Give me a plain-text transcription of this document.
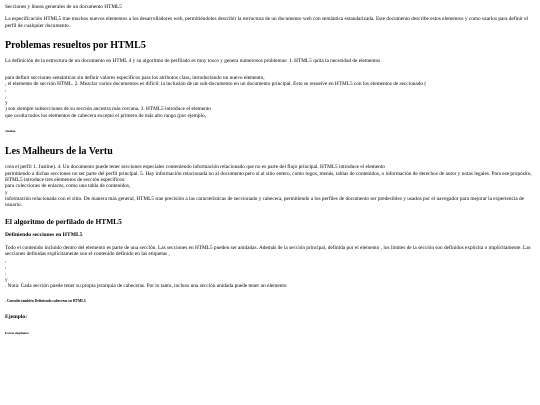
Secciones y líneas generales de un documento HTML5

La especificación HTML5 trae muchos nuevos elementos a los desarrolladores web, permitiéndoles describir la estructura de un documento web con semántica estandarizada. Este documento describe estos elementos y como usarlos para definir el perfil de cualquier documento.

Problemas resueltos por HTML5

La definición de la estructura de un documento en HTML 4 y su algoritmo de perfilado es muy tosco y genera numerosos problemas: 1. HTML5 quita la necesidad de elementos

para definir secciones semánticas sin definir valores específicos para los atributos class, introduciendo un nuevo elemento,

, el elemento de sección HTML. 2. Mezclar varios documentos es difícil: la inclusión de un sub-documento en un documento principal. Esto se resuelve en HTML5 con los elementos de seccionado (

,

,

y

) son siempre subsecciones de su sección ancestra más cercana. 3. HTML5 introduce el elemento

que oculta todos los elementos de cabecera excepto el primero de más alto rango (por ejemplo,

Justine
Les Malheurs de la Vertu

crea el perfil 1. Justine). 4. Un documento puede tener secciones especiales conteniendo información relacionado que no es parte del flujo principal. HTML5 introduce el elemento

permitiendo a dichas secciones no ser parte del perfil principal. 5. Hay información relacionada no al documento pero sí al sitio entero, como logos, menús, tablas de contenidos, o información de derechos de autor y notas legales. Para ese propósito, HTML5 introduce tres elementos de sección específicos:

para colecciones de enlaces, como una tabla de contenidos,

y

información relacionada con el sitio. De manera más general, HTML5 trae precisión a las características de seccionado y cabecera, permitiendo a los perfiles de documento ser predecibles y usados por el navegador para mejorar la experiencia de usuario.

El algoritmo de perfilado de HTML5
Definiendo secciones en HTML5

Todo el contenido incluido dentro del elemento es parte de una sección. Las secciones en HTML5 pueden ser anidadas. Además de la sección principal, definida por el elemento , los límites de la sección son definidos explícita o implícitamente. Las secciones definidas explícitamente son el contenido definido en las etiquetas ,

,

,

,

y

. Nota: Cada sección puede tener su propia jerarquía de cabeceras. Por lo tanto, incluso una sección anidada puede tener un elemento

. Consulte también Definiendo cabeceras en HTML5.
Ejemplo:
Forest elephants
